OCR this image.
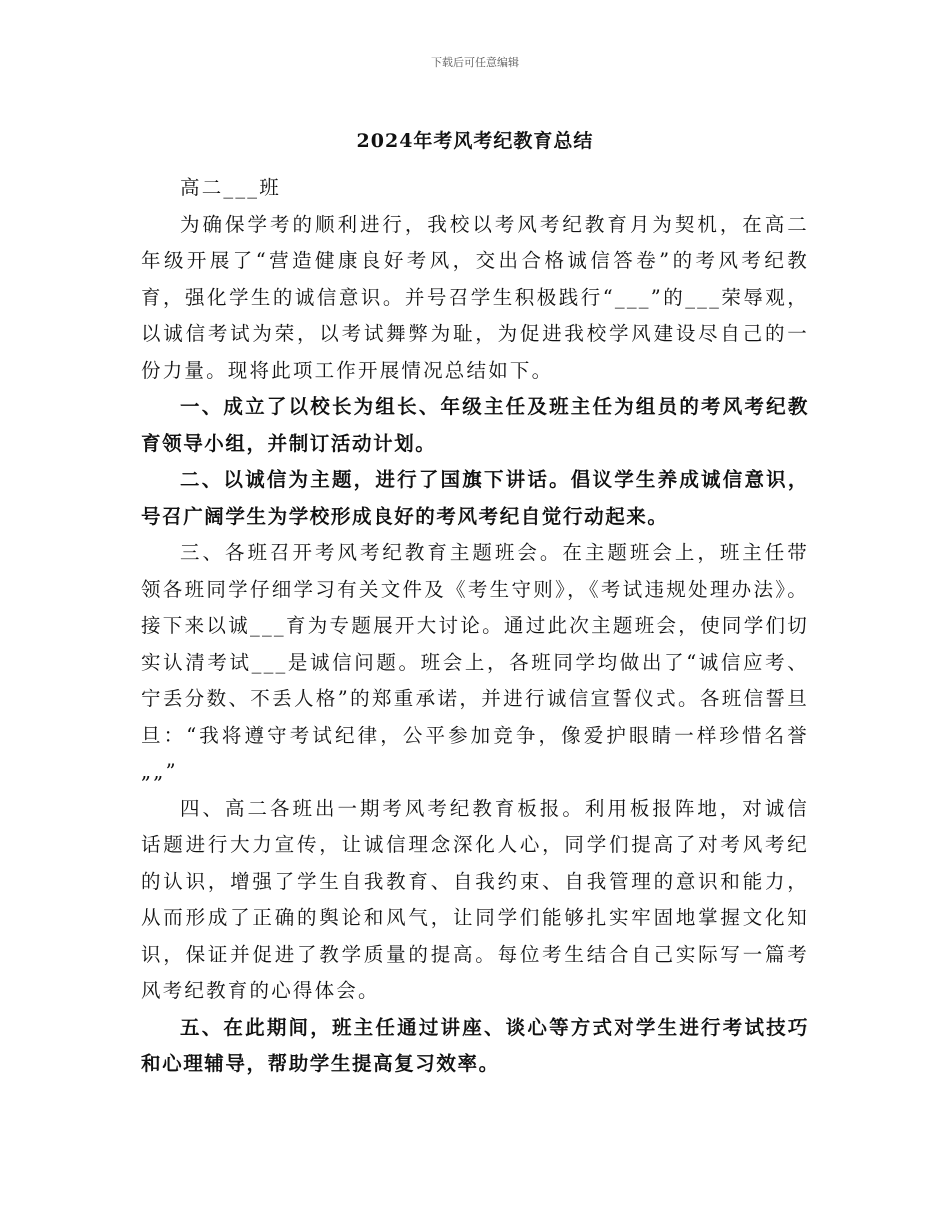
下载后可任意编辑
2024年考风考纪教育总结

高二___班

为确保学考的顺利进行，我校以考风考纪教育月为契机，在高二年级开展了“营造健康良好考风，交出合格诚信答卷”的考风考纪教育，强化学生的诚信意识。并号召学生积极践行“___”的___荣辱观，以诚信考试为荣，以考试舞弊为耻，为促进我校学风建设尽自己的一份力量。现将此项工作开展情况总结如下。

一、成立了以校长为组长、年级主任及班主任为组员的考风考纪教育领导小组，并制订活动计划。

二、以诚信为主题，进行了国旗下讲话。倡议学生养成诚信意识，号召广阔学生为学校形成良好的考风考纪自觉行动起来。

三、各班召开考风考纪教育主题班会。在主题班会上，班主任带领各班同学仔细学习有关文件及《考生守则》，《考试违规处理办法》。接下来以诚___育为专题展开大讨论。通过此次主题班会，使同学们切实认清考试___是诚信问题。班会上，各班同学均做出了“诚信应考、宁丢分数、不丢人格”的郑重承诺，并进行诚信宣誓仪式。各班信誓旦旦：“我将遵守考试纪律，公平参加竞争，像爱护眼睛一样珍惜名誉„„”

四、高二各班出一期考风考纪教育板报。利用板报阵地，对诚信话题进行大力宣传，让诚信理念深化人心，同学们提高了对考风考纪的认识，增强了学生自我教育、自我约束、自我管理的意识和能力，从而形成了正确的舆论和风气，让同学们能够扎实牢固地掌握文化知识，保证并促进了教学质量的提高。每位考生结合自己实际写一篇考风考纪教育的心得体会。

五、在此期间，班主任通过讲座、谈心等方式对学生进行考试技巧和心理辅导，帮助学生提高复习效率。
